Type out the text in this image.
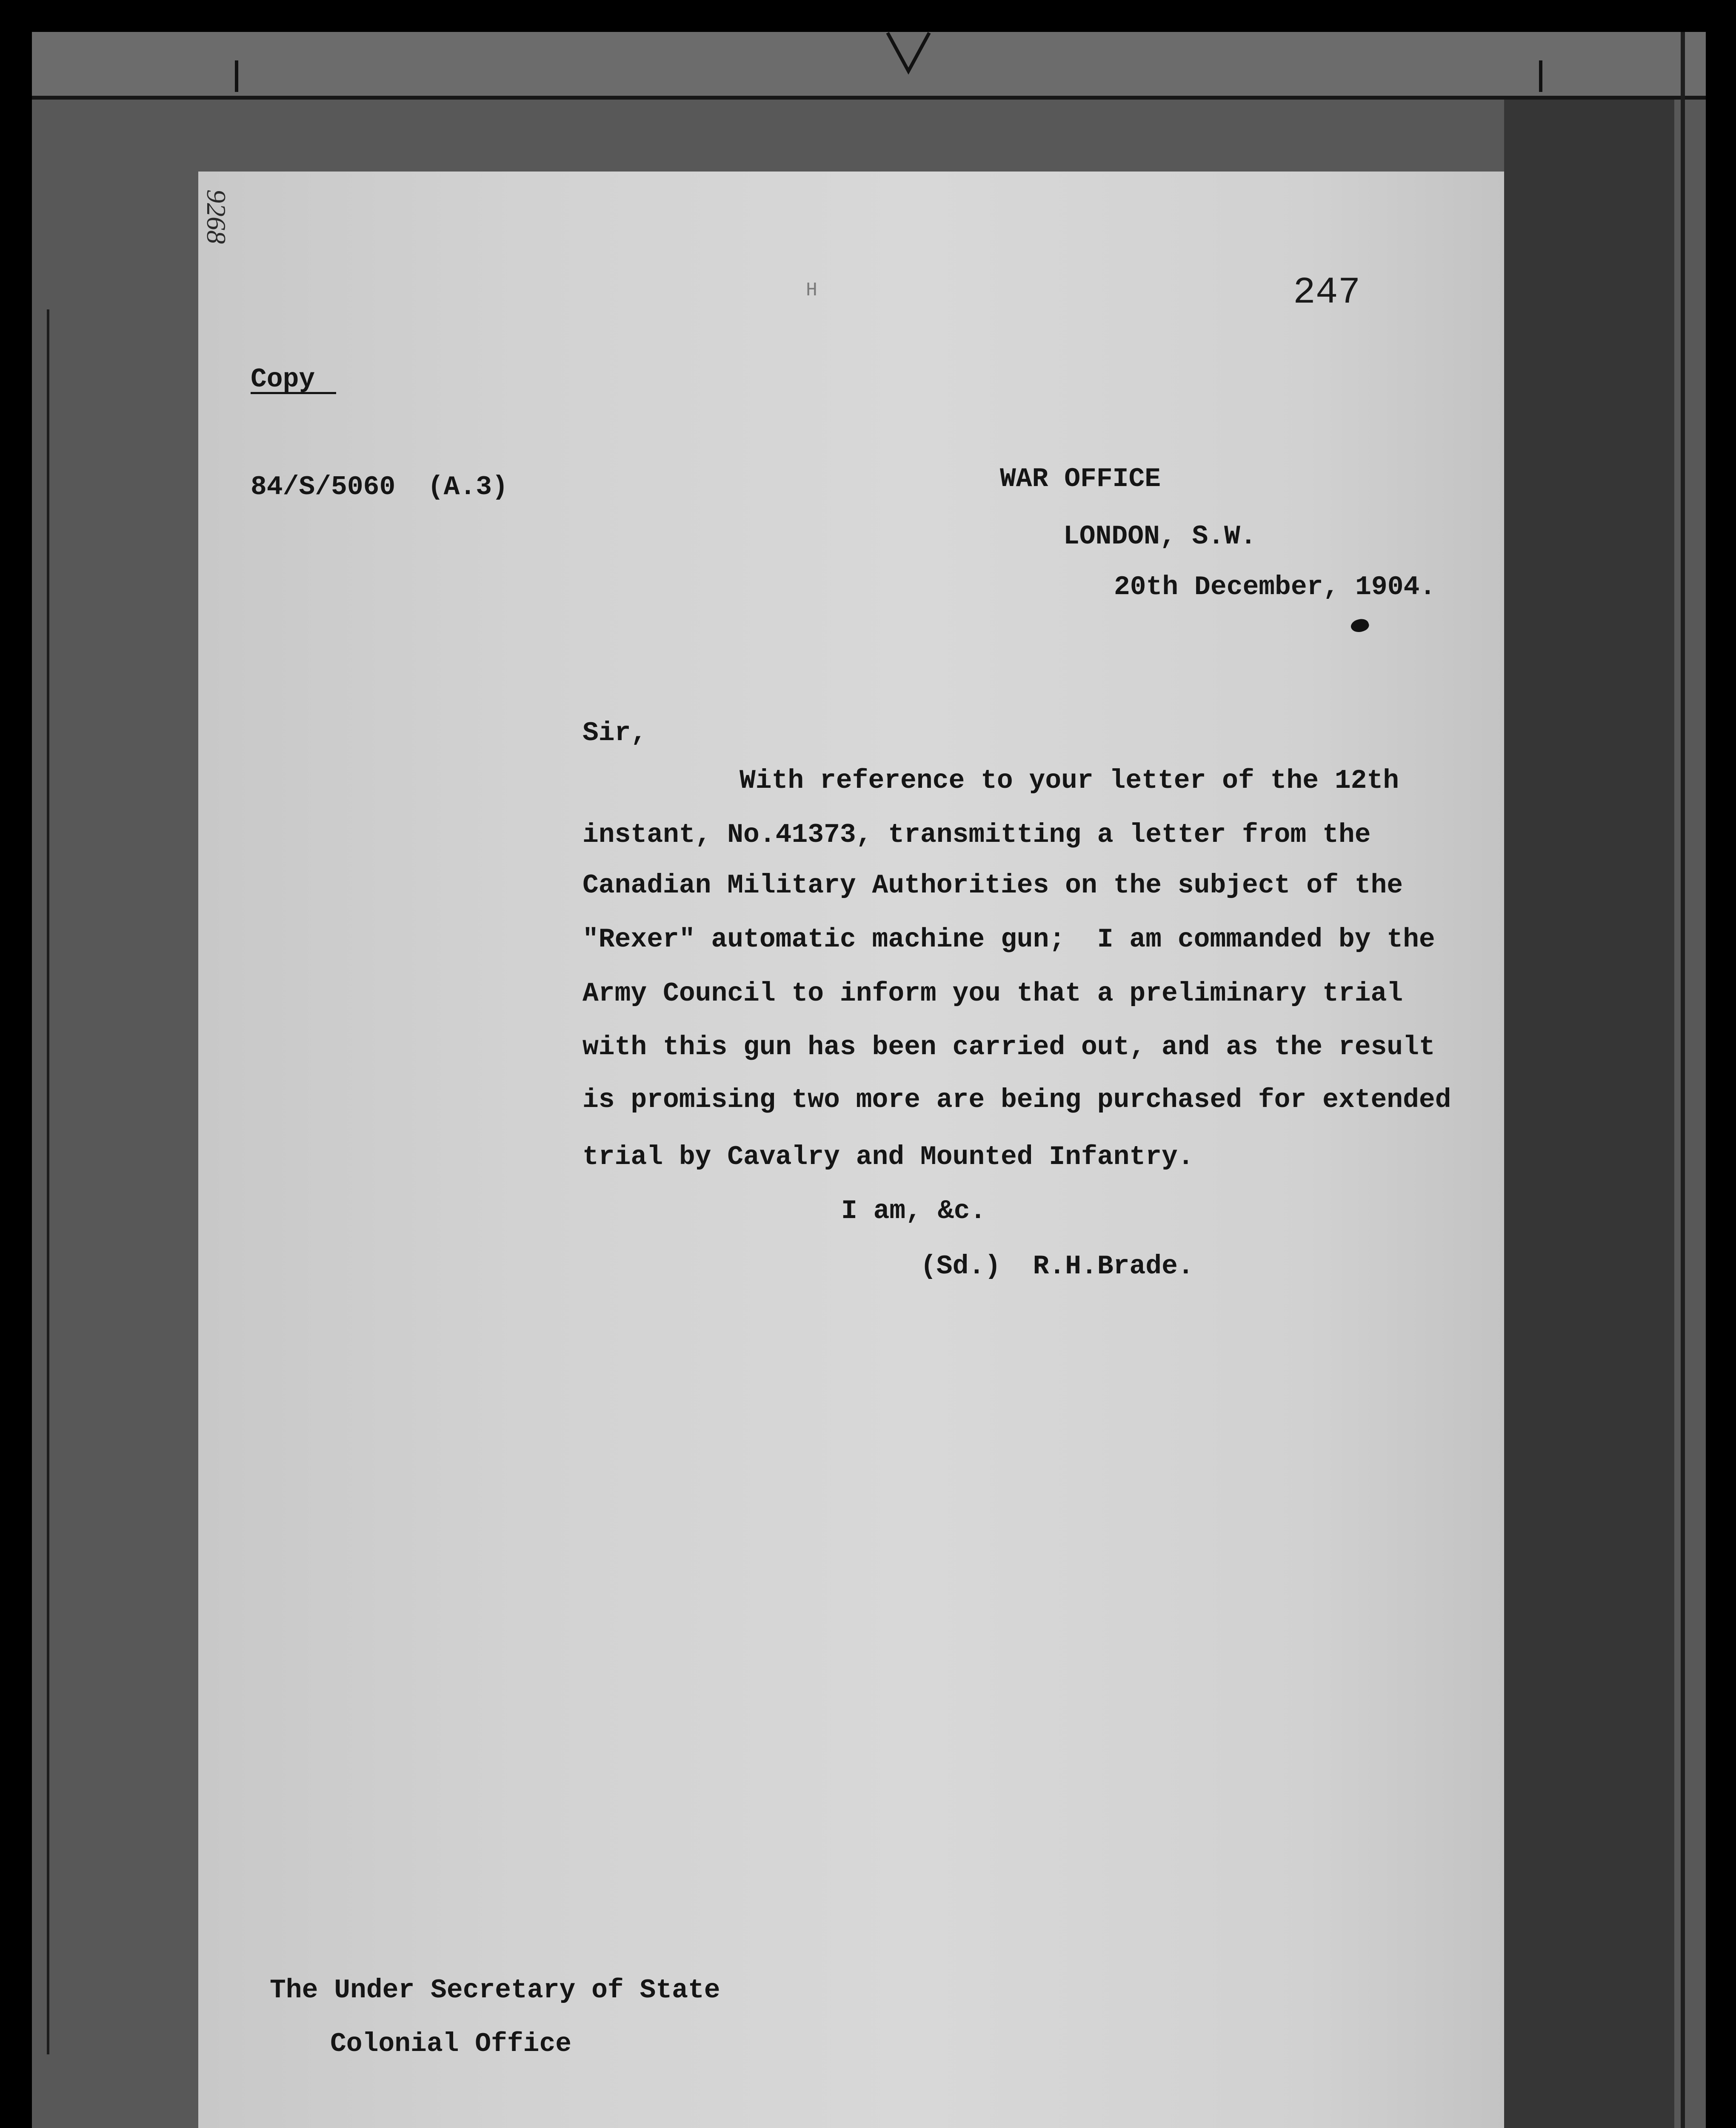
9268
H	247
Copy
84/S/5060  (A.3)	WAR OFFICE
LONDON, S.W.
20th December, 1904.
Sir,
With reference to your letter of the 12th
instant, No.41373, transmitting a letter from the
Canadian Military Authorities on the subject of the
"Rexer" automatic machine gun;  I am commanded by the
Army Council to inform you that a preliminary trial
with this gun has been carried out, and as the result
is promising two more are being purchased for extended
trial by Cavalry and Mounted Infantry.
I am, &c.
(Sd.)  R.H.Brade.
The Under Secretary of State
Colonial Office
